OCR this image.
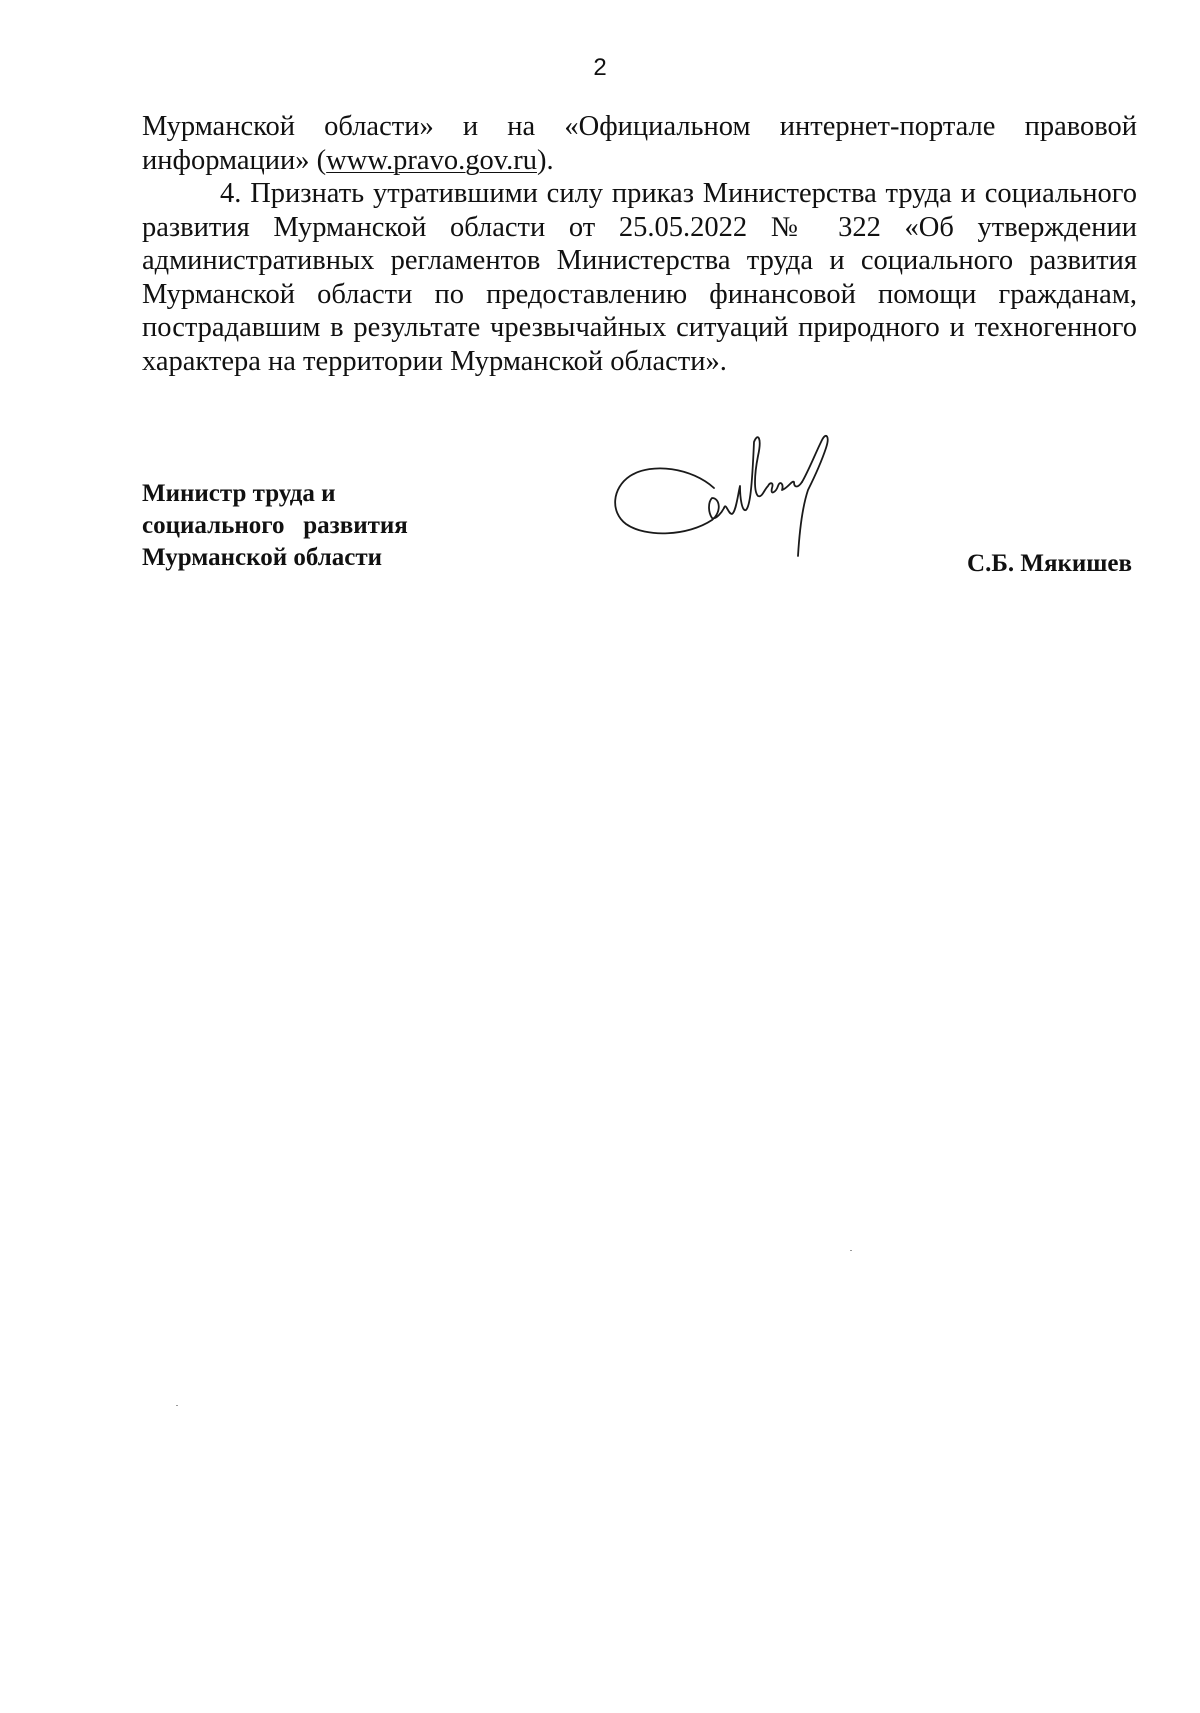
2

Мурманской области» и на «Официальном интернет-портале правовой информации» (www.pravo.gov.ru).

4. Признать утратившими силу приказ Министерства труда и социального развития Мурманской области от 25.05.2022 № 322 «Об утверждении административных регламентов Министерства труда и социального развития Мурманской области по предоставлению финансовой помощи гражданам, пострадавшим в результате чрезвычайных ситуаций природного и техногенного характера на территории Мурманской области».

Министр труда и
социального   развития
Мурманской области	С.Б. Мякишев
